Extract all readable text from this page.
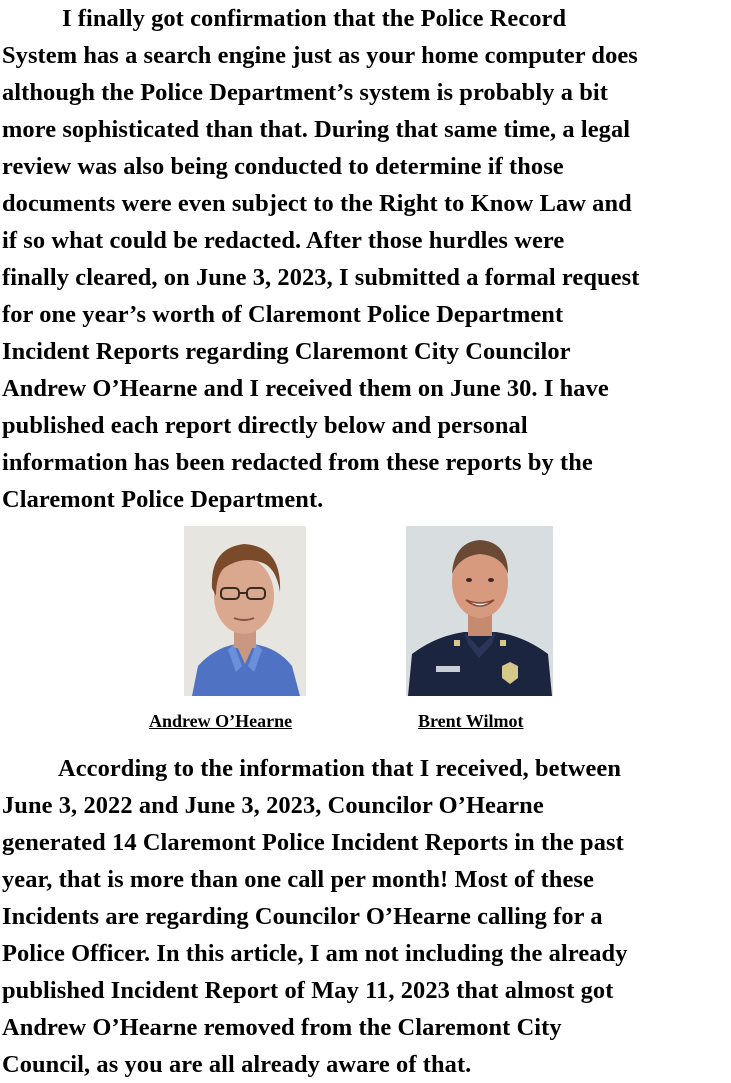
I finally got confirmation that the Police Record
System has a search engine just as your home computer does
although the Police Department’s system is probably a bit
more sophisticated than that. During that same time, a legal
review was also being conducted to determine if those
documents were even subject to the Right to Know Law and
if so what could be redacted. After those hurdles were
finally cleared, on June 3, 2023, I submitted a formal request
for one year’s worth of Claremont Police Department
Incident Reports regarding Claremont City Councilor
Andrew O’Hearne and I received them on June 30. I have
published each report directly below and personal
information has been redacted from these reports by the
Claremont Police Department.
Andrew O’Hearne	Brent Wilmot
According to the information that I received, between
June 3, 2022 and June 3, 2023, Councilor O’Hearne
generated 14 Claremont Police Incident Reports in the past
year, that is more than one call per month! Most of these
Incidents are regarding Councilor O’Hearne calling for a
Police Officer. In this article, I am not including the already
published Incident Report of May 11, 2023 that almost got
Andrew O’Hearne removed from the Claremont City
Council, as you are all already aware of that.
